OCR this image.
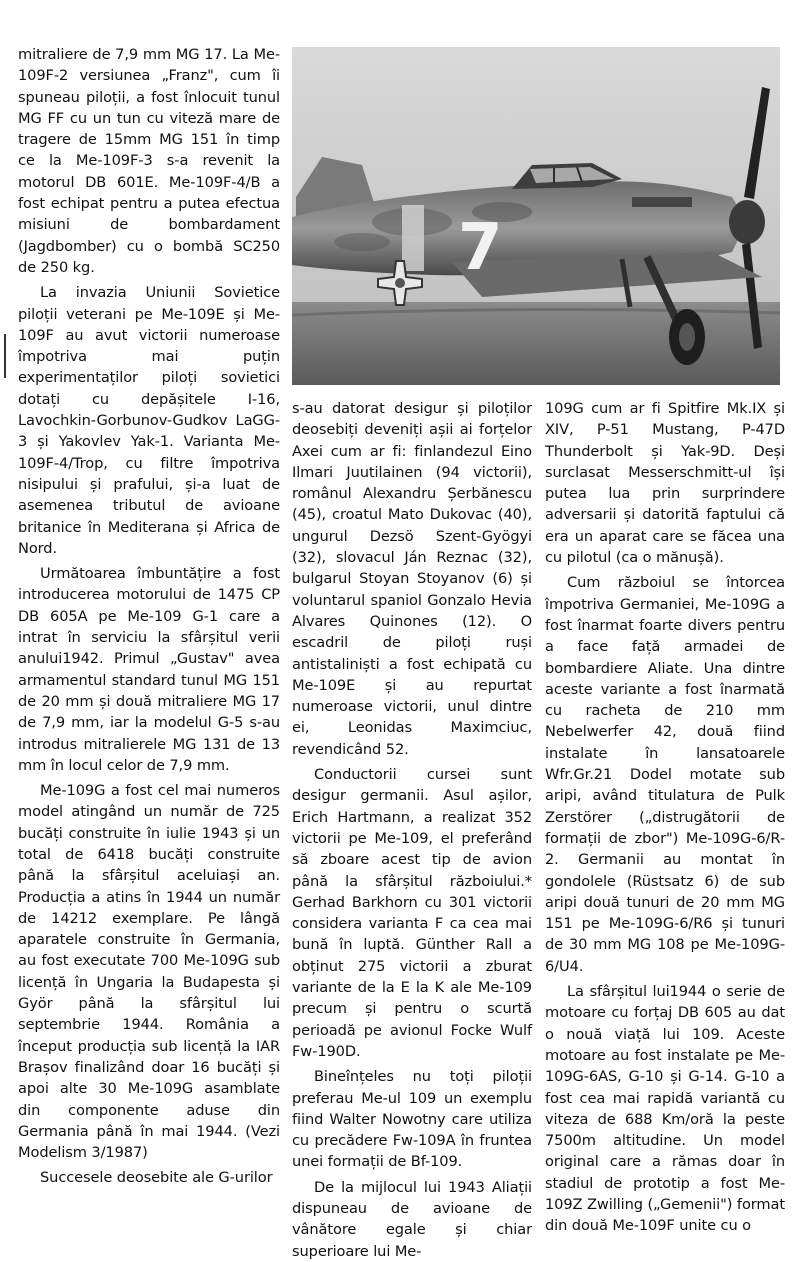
mitraliere de 7,9 mm MG 17. La Me-109F-2 versiunea „Franz", cum îi spuneau piloții, a fost înlocuit tunul MG FF cu un tun cu viteză mare de tragere de 15mm MG 151 în timp ce la Me-109F-3 s-a revenit la motorul DB 601E. Me-109F-4/B a fost echipat pentru a putea efectua misiuni de bombardament (Jagdbomber) cu o bombă SC250 de 250 kg.

La invazia Uniunii Sovietice piloții veterani pe Me-109E și Me-109F au avut victorii numeroase împotriva mai puțin experimentaților piloți sovietici dotați cu depășitele I-16, Lavochkin-Gorbunov-Gudkov LaGG-3 și Yakovlev Yak-1. Varianta Me-109F-4/Trop, cu filtre împotriva nisipului și prafului, și-a luat de asemenea tributul de avioane britanice în Mediterana și Africa de Nord.

Următoarea îmbuntățire a fost introducerea motorului de 1475 CP DB 605A pe Me-109 G-1 care a intrat în serviciu la sfârșitul verii anului1942. Primul „Gustav" avea armamentul standard tunul MG 151 de 20 mm și două mitraliere MG 17 de 7,9 mm, iar la modelul G-5 s-au introdus mitralierele MG 131 de 13 mm în locul celor de 7,9 mm.

Me-109G a fost cel mai numeros model atingând un număr de 725 bucăți construite în iulie 1943 și un total de 6418 bucăți construite până la sfârșitul aceluiași an. Producția a atins în 1944 un număr de 14212 exemplare. Pe lângă aparatele construite în Germania, au fost executate 700 Me-109G sub licență în Ungaria la Budapesta și Györ până la sfârșitul lui septembrie 1944. România a început producția sub licență la IAR Brașov finalizând doar 16 bucăți și apoi alte 30 Me-109G asamblate din componente aduse din Germania până în mai 1944. (Vezi Modelism 3/1987)

Succesele deosebite ale G-urilor

7

s-au datorat desigur și piloților deosebiți deveniți așii ai forțelor Axei cum ar fi: finlandezul Eino Ilmari Juutilainen (94 victorii), românul Alexandru Șerbănescu (45), croatul Mato Dukovac (40), ungurul Dezsö Szent-Gyögyi (32), slovacul Ján Reznac (32), bulgarul Stoyan Stoyanov (6) și voluntarul spaniol Gonzalo Hevia Alvares Quinones (12). O escadril de piloți ruși antistaliniști a fost echipată cu Me-109E și au repurtat numeroase victorii, unul dintre ei, Leonidas Maximciuc, revendicând 52.

Conductorii cursei sunt desigur germanii. Asul așilor, Erich Hartmann, a realizat 352 victorii pe Me-109, el preferând să zboare acest tip de avion până la sfârșitul războiului.* Gerhad Barkhorn cu 301 victorii considera varianta F ca cea mai bună în luptă. Günther Rall a obținut 275 victorii a zburat variante de la E la K ale Me-109 precum și pentru o scurtă perioadă pe avionul Focke Wulf Fw-190D.

Bineînțeles nu toți piloții preferau Me-ul 109 un exemplu fiind Walter Nowotny care utiliza cu precădere Fw-109A în fruntea unei formații de Bf-109.

De la mijlocul lui 1943 Aliații dispuneau de avioane de vânătore egale și chiar superioare lui Me-

109G cum ar fi Spitfire Mk.IX și XIV, P-51 Mustang, P-47D Thunderbolt și Yak-9D. Deși surclasat Messerschmitt-ul își putea lua prin surprindere adversarii și datorită faptului că era un aparat care se făcea una cu pilotul (ca o mănușă).

Cum războiul se întorcea împotriva Germaniei, Me-109G a fost înarmat foarte divers pentru a face față armadei de bombardiere Aliate. Una dintre aceste variante a fost înarmată cu racheta de 210 mm Nebelwerfer 42, două fiind instalate în lansatoarele Wfr.Gr.21 Dodel motate sub aripi, având titulatura de Pulk Zerstörer („distrugătorii de formații de zbor") Me-109G-6/R-2. Germanii au montat în gondolele (Rüstsatz 6) de sub aripi două tunuri de 20 mm MG 151 pe Me-109G-6/R6 și tunuri de 30 mm MG 108 pe Me-109G-6/U4.

La sfârșitul lui1944 o serie de motoare cu forțaj DB 605 au dat o nouă viață lui 109. Aceste motoare au fost instalate pe Me-109G-6AS, G-10 și G-14. G-10 a fost cea mai rapidă variantă cu viteza de 688 Km/oră la peste 7500m altitudine. Un model original care a rămas doar în stadiul de prototip a fost Me-109Z Zwilling („Gemenii") format din două Me-109F unite cu o
